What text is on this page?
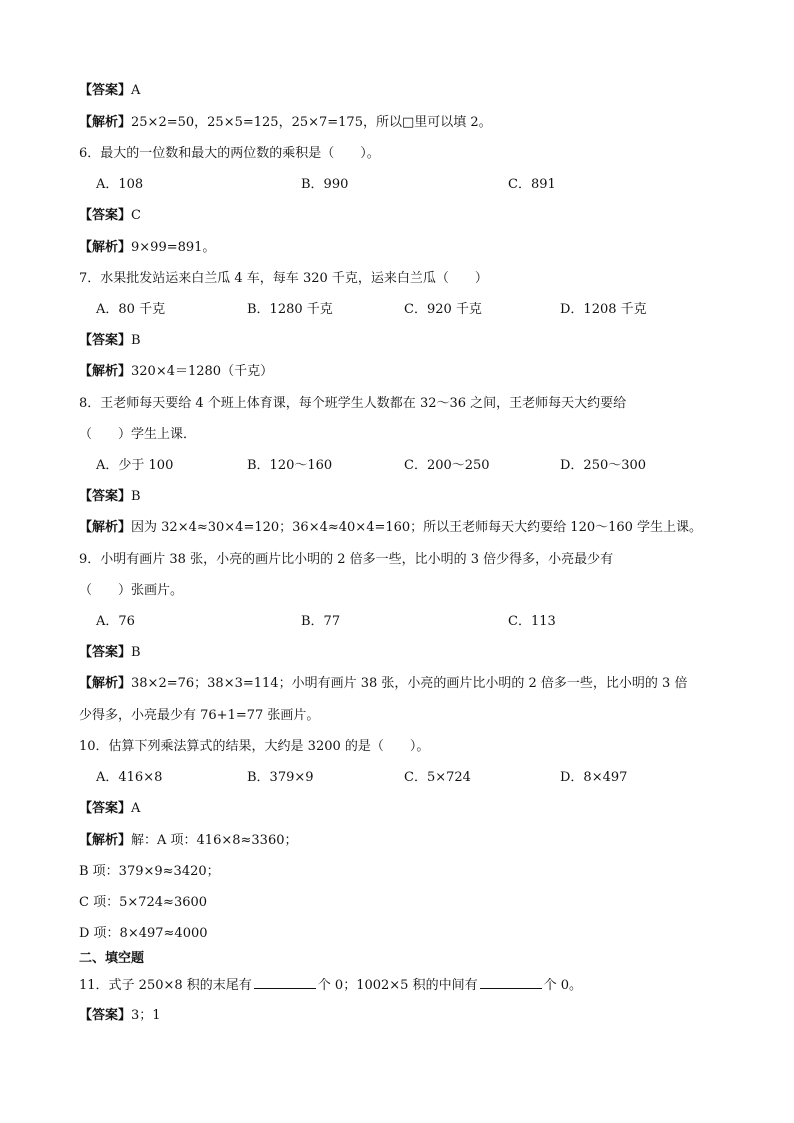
【答案】A
【解析】25×2=50，25×5=125，25×7=175，所以□里可以填 2。
6．最大的一位数和最大的两位数的乘积是（　　）。
A．108	B．990	C．891
【答案】C
【解析】9×99=891。
7．水果批发站运来白兰瓜 4 车，每车 320 千克，运来白兰瓜（　　）
A．80 千克	B．1280 千克	C．920 千克	D．1208 千克
【答案】B
【解析】320×4＝1280（千克）
8．王老师每天要给 4 个班上体育课，每个班学生人数都在 32～36 之间，王老师每天大约要给
（　　）学生上课．
A．少于 100	B．120～160	C．200～250	D．250～300
【答案】B
【解析】因为 32×4≈30×4=120；36×4≈40×4=160；所以王老师每天大约要给 120～160 学生上课。
9．小明有画片 38 张，小亮的画片比小明的 2 倍多一些，比小明的 3 倍少得多，小亮最少有
（　　）张画片。
A．76	B．77	C．113
【答案】B
【解析】38×2=76；38×3=114；小明有画片 38 张，小亮的画片比小明的 2 倍多一些，比小明的 3 倍
少得多，小亮最少有 76+1=77 张画片。
10．估算下列乘法算式的结果，大约是 3200 的是（　　）。
A．416×8	B．379×9	C．5×724	D．8×497
【答案】A
【解析】解：A 项：416×8≈3360；
B 项：379×9≈3420；
C 项：5×724≈3600
D 项：8×497≈4000
二、填空题
11．式子 250×8 积的末尾有	个 0；1002×5 积的中间有	个 0。
【答案】3；1
